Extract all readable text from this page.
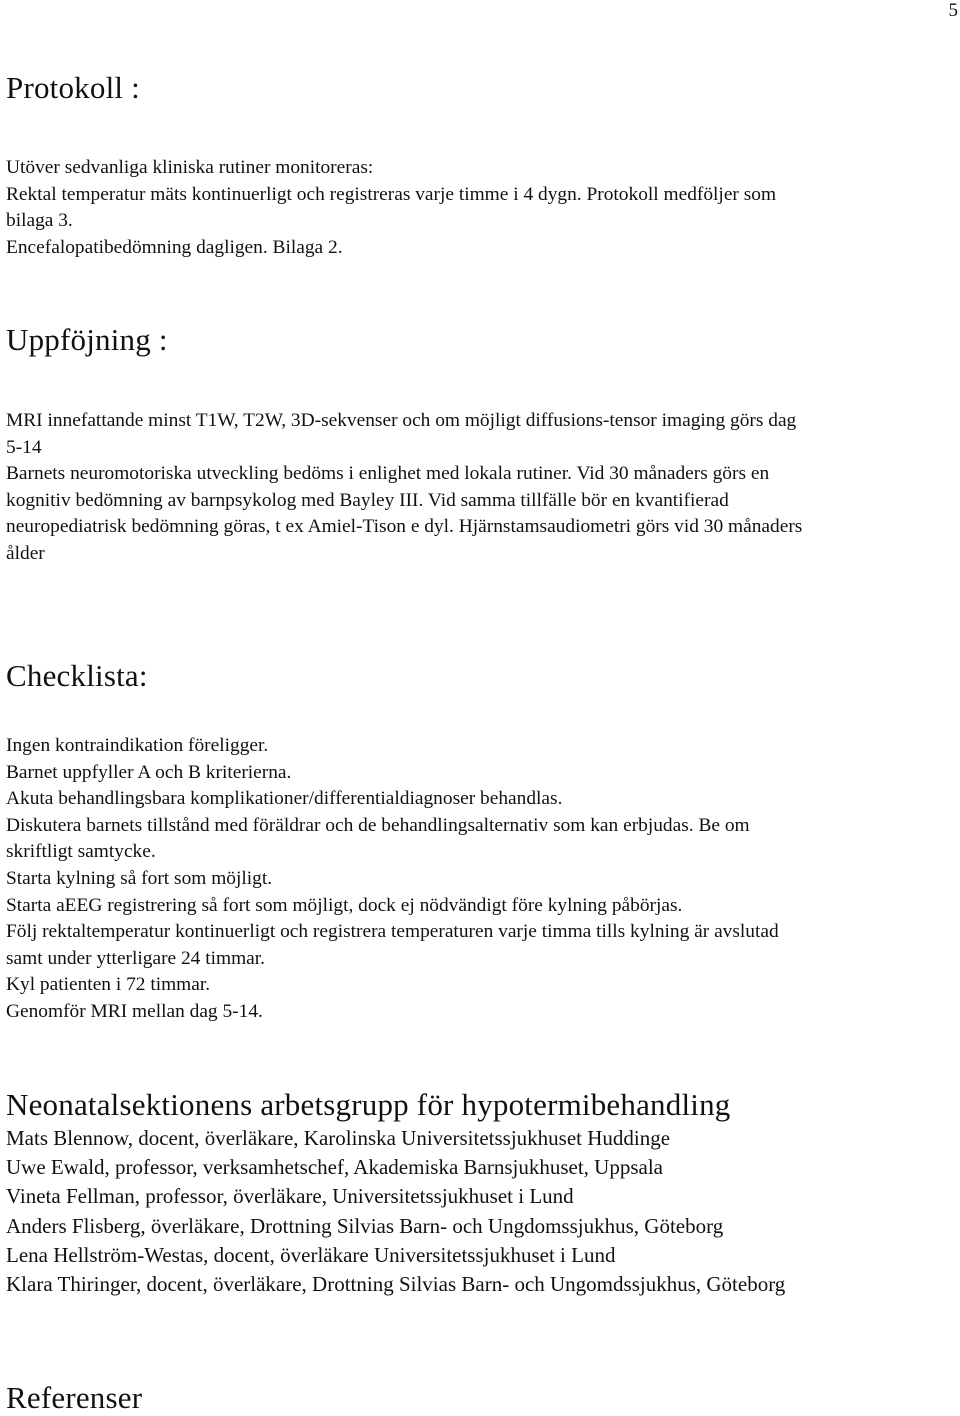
5
Protokoll :

Utöver sedvanliga kliniska rutiner monitoreras:

Rektal temperatur mäts kontinuerligt och registreras varje timme i 4 dygn. Protokoll medföljer som

bilaga 3.

Encefalopatibedömning dagligen. Bilaga 2.

Uppföjning :

MRI innefattande minst T1W, T2W, 3D-sekvenser och om möjligt diffusions-tensor imaging görs dag

5-14

Barnets neuromotoriska utveckling bedöms i enlighet med lokala rutiner. Vid 30 månaders görs en

kognitiv bedömning av barnpsykolog med Bayley III. Vid samma tillfälle bör en kvantifierad

neuropediatrisk bedömning göras, t ex Amiel-Tison e dyl. Hjärnstamsaudiometri görs vid 30 månaders

ålder

Checklista:

Ingen kontraindikation föreligger.

Barnet uppfyller A och B kriterierna.

Akuta behandlingsbara komplikationer/differentialdiagnoser behandlas.

Diskutera barnets tillstånd med föräldrar och de behandlingsalternativ som kan erbjudas. Be om

skriftligt samtycke.

Starta kylning så fort som möjligt.

Starta aEEG registrering så fort som möjligt, dock ej nödvändigt före kylning påbörjas.

Följ rektaltemperatur kontinuerligt och registrera temperaturen varje timma tills kylning är avslutad

samt under ytterligare 24 timmar.

Kyl patienten i 72 timmar.

Genomför MRI mellan dag 5-14.

Neonatalsektionens arbetsgrupp för hypotermibehandling

Mats Blennow, docent, överläkare, Karolinska Universitetssjukhuset Huddinge

Uwe Ewald, professor, verksamhetschef, Akademiska Barnsjukhuset, Uppsala

Vineta Fellman, professor, överläkare, Universitetssjukhuset i Lund

Anders Flisberg, överläkare, Drottning Silvias Barn- och Ungdomssjukhus, Göteborg

Lena Hellström-Westas, docent, överläkare Universitetssjukhuset i Lund

Klara Thiringer, docent, överläkare, Drottning Silvias Barn- och Ungomdssjukhus, Göteborg

Referenser
